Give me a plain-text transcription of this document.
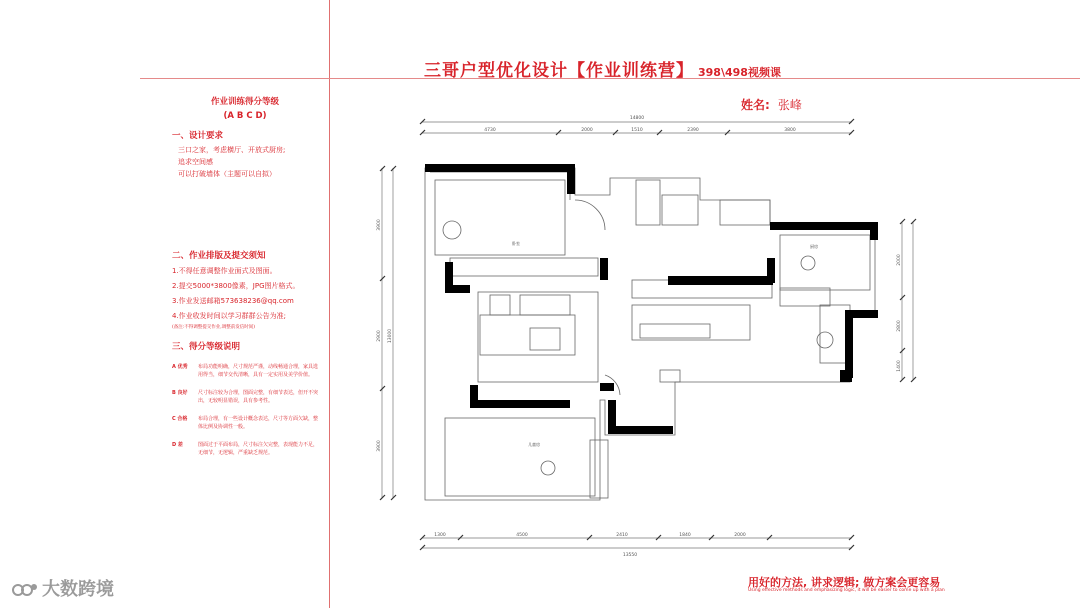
三哥户型优化设计【作业训练营】 398\498视频课
姓名: 张峰
作业训练得分等级
(A B C D)
一、设计要求
三口之家，考虑横厅、开放式厨房;
追求空间感
可以打破墙体（主题可以自拟）
二、作业排版及提交须知
1.不得任意调整作业面式及图面。
2.提交5000*3800像素，JPG图片格式。
3.作业发送邮箱573638236@qq.com
4.作业收发时间以学习群群公告为准;
(备注:不得调整提交作业,调整前发信时间)
三、得分等级说明
A 优秀	布局功能明确，尺寸规范严谨，动线畅通合理，家具选用得当，细节交代清晰，具有一定实用及美学价值。
B 良好	尺寸标注较为合理，图面完整，有细节表达，但开不突出，无较明显错误，具有参考性。
C 合格	布局合理，有一些设计概念表达，尺寸等方面欠缺，整体比例及协调性一般。
D 差	图面过于平面布局，尺寸标注欠完整，表现能力不足，无细节，无逻辑，严重缺乏规范。
14800
4730	2000	1510	2390	3800
1300	4500	2410	1840	2000
13550
3900
2900
3900
13000
2000
2800
1400
卧室
厨房
儿童房
用好的方法, 讲求逻辑; 做方案会更容易
Using effective methods and emphasizing logic, it will be easier to come up with a plan
大数跨境
